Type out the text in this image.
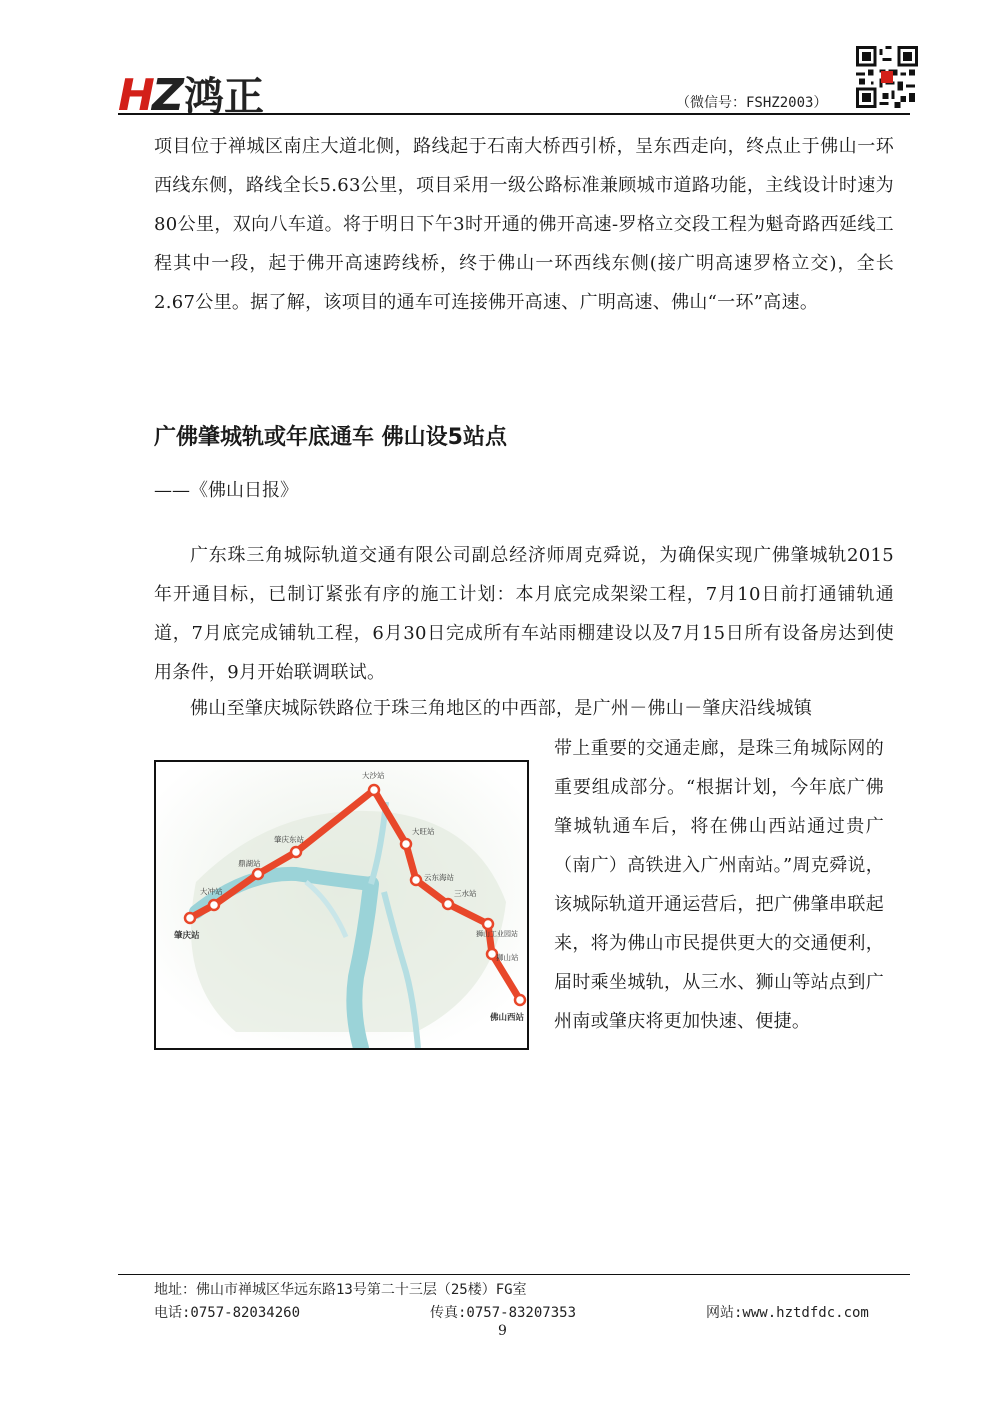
H
Z 鸿正	（微信号：FSHZ2003）
项目位于禅城区南庄大道北侧，路线起于石南大桥西引桥，呈东西走向，终点止于佛山一环西线东侧，路线全长5.63公里，项目采用一级公路标准兼顾城市道路功能，主线设计时速为80公里，双向八车道。将于明日下午3时开通的佛开高速-罗格立交段工程为魁奇路西延线工程其中一段，起于佛开高速跨线桥，终于佛山一环西线东侧(接广明高速罗格立交)，全长2.67公里。据了解，该项目的通车可连接佛开高速、广明高速、佛山“一环”高速。
广佛肇城轨或年底通车 佛山设5站点
——《佛山日报》
广东珠三角城际轨道交通有限公司副总经济师周克舜说，为确保实现广佛肇城轨2015年开通目标，已制订紧张有序的施工计划：本月底完成架梁工程，7月10日前打通铺轨通道，7月底完成铺轨工程，6月30日完成所有车站雨棚建设以及7月15日所有设备房达到使用条件，9月开始联调联试。
佛山至肇庆城际铁路位于珠三角地区的中西部，是广州－佛山－肇庆沿线城镇
带上重要的交通走廊，是珠三角城际网的重要组成部分。“根据计划，今年底广佛肇城轨通车后，将在佛山西站通过贵广（南广）高铁进入广州南站。”周克舜说，该城际轨道开通运营后，把广佛肇串联起来，将为佛山市民提供更大的交通便利，届时乘坐城轨，从三水、狮山等站点到广州南或肇庆将更加快速、便捷。
肇庆站
大冲站
鼎湖站
肇庆东站
大沙站
大旺站
云东海站
三水站
狮山工业园站
狮山站
佛山西站
地址：佛山市禅城区华远东路13号第二十三层（25楼）FG室
电话:0757-82034260	传真:0757-83207353	网站:www.hztdfdc.com
9
